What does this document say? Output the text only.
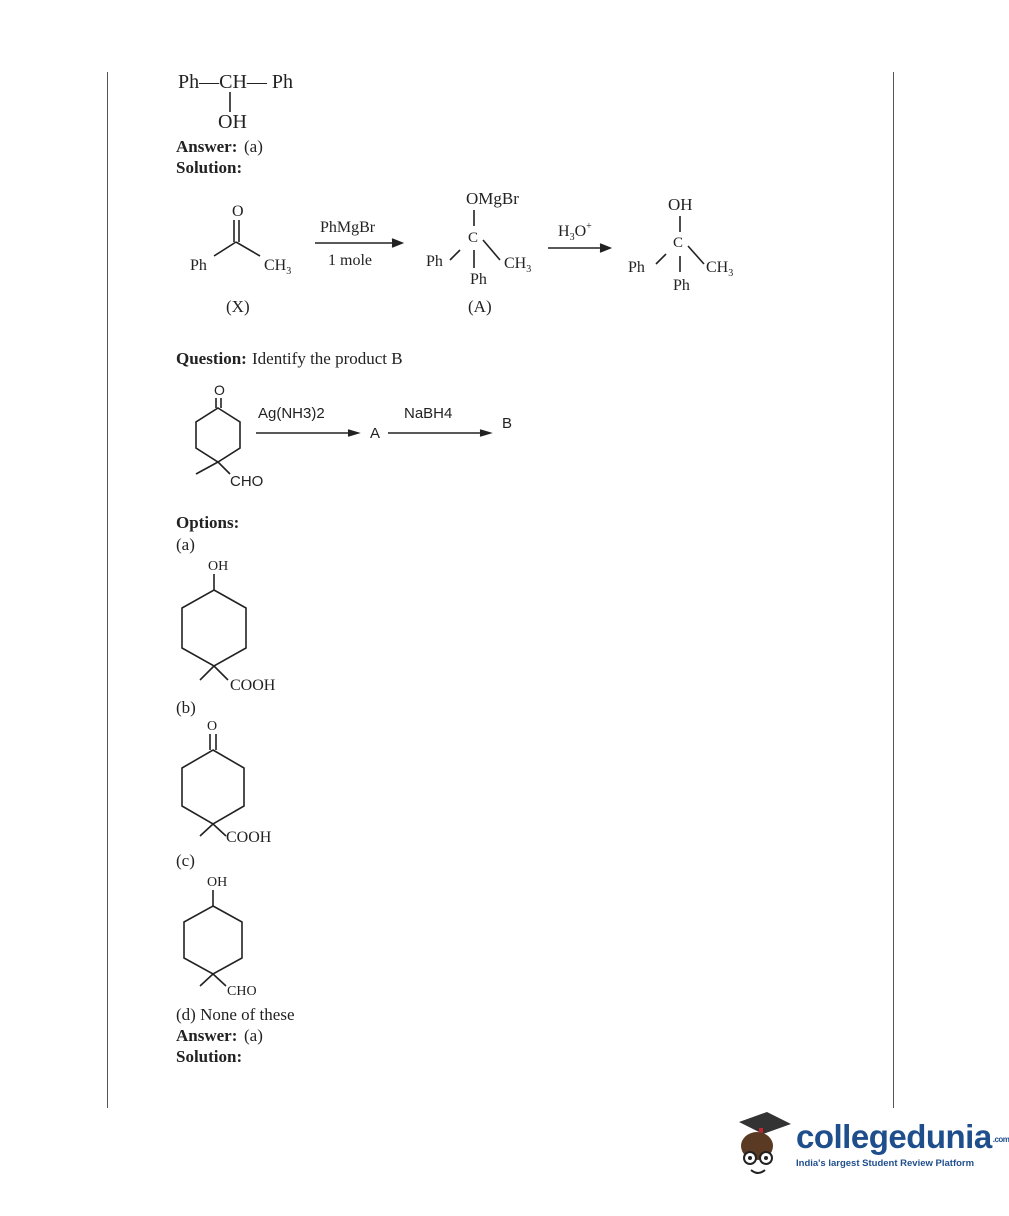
Ph—CH— Ph
OH
Answer: (a)
Solution:
O
Ph	$CH_3$
(X)
PhMgBr
1 mole
OMgBr
C
Ph	$CH_3$
Ph
(A)
$H_3O^+$
OH
C
Ph	$CH_3$
Ph
Question: Identify the product B
O
CHO
Ag(NH3)2
A
NaBH4
B
Options:
(a)
OH
COOH
(b)
O
COOH
(c)
OH
CHO
(d) None of these
Answer: (a)
Solution:
collegedunia.com
India's largest Student Review Platform
